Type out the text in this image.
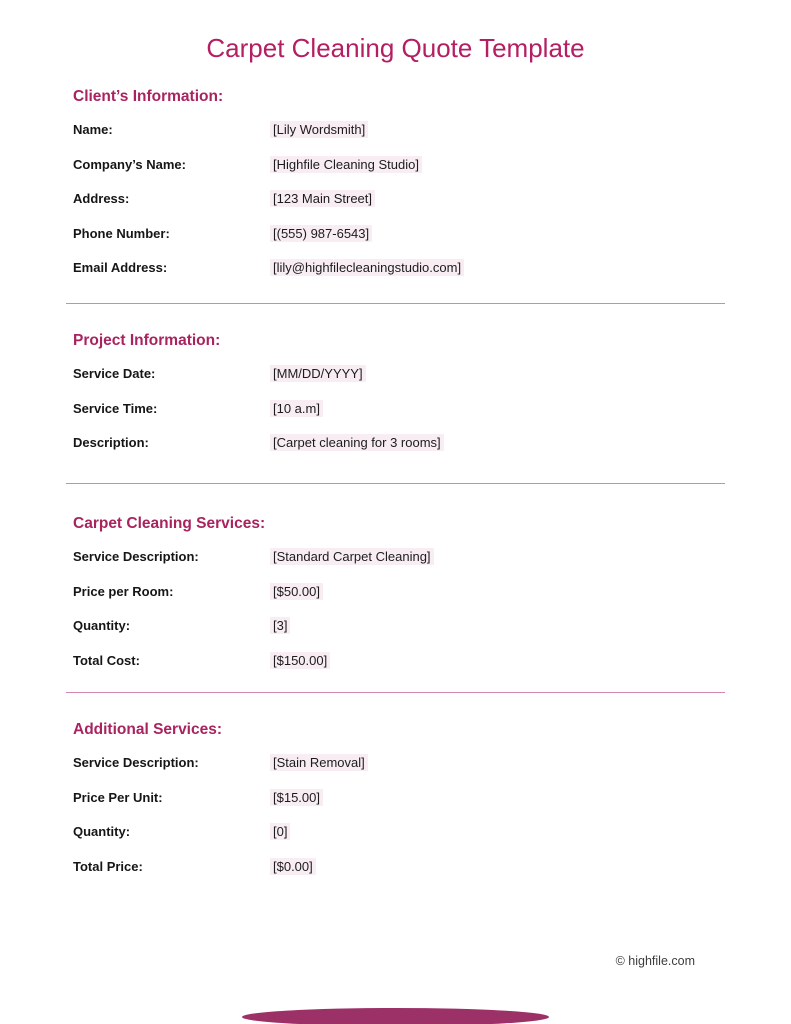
Carpet Cleaning Quote Template
Client’s Information:
Name:	[Lily Wordsmith]
Company’s Name:	[Highfile Cleaning Studio]
Address:	[123 Main Street]
Phone Number:	[(555) 987-6543]
Email Address:	[lily@highfilecleaningstudio.com]
Project Information:
Service Date:	[MM/DD/YYYY]
Service Time:	[10 a.m]
Description:	[Carpet cleaning for 3 rooms]
Carpet Cleaning Services:
Service Description:	[Standard Carpet Cleaning]
Price per Room:	[$50.00]
Quantity:	[3]
Total Cost:	[$150.00]
Additional Services:
Service Description:	[Stain Removal]
Price Per Unit:	[$15.00]
Quantity:	[0]
Total Price:	[$0.00]
© highfile.com
